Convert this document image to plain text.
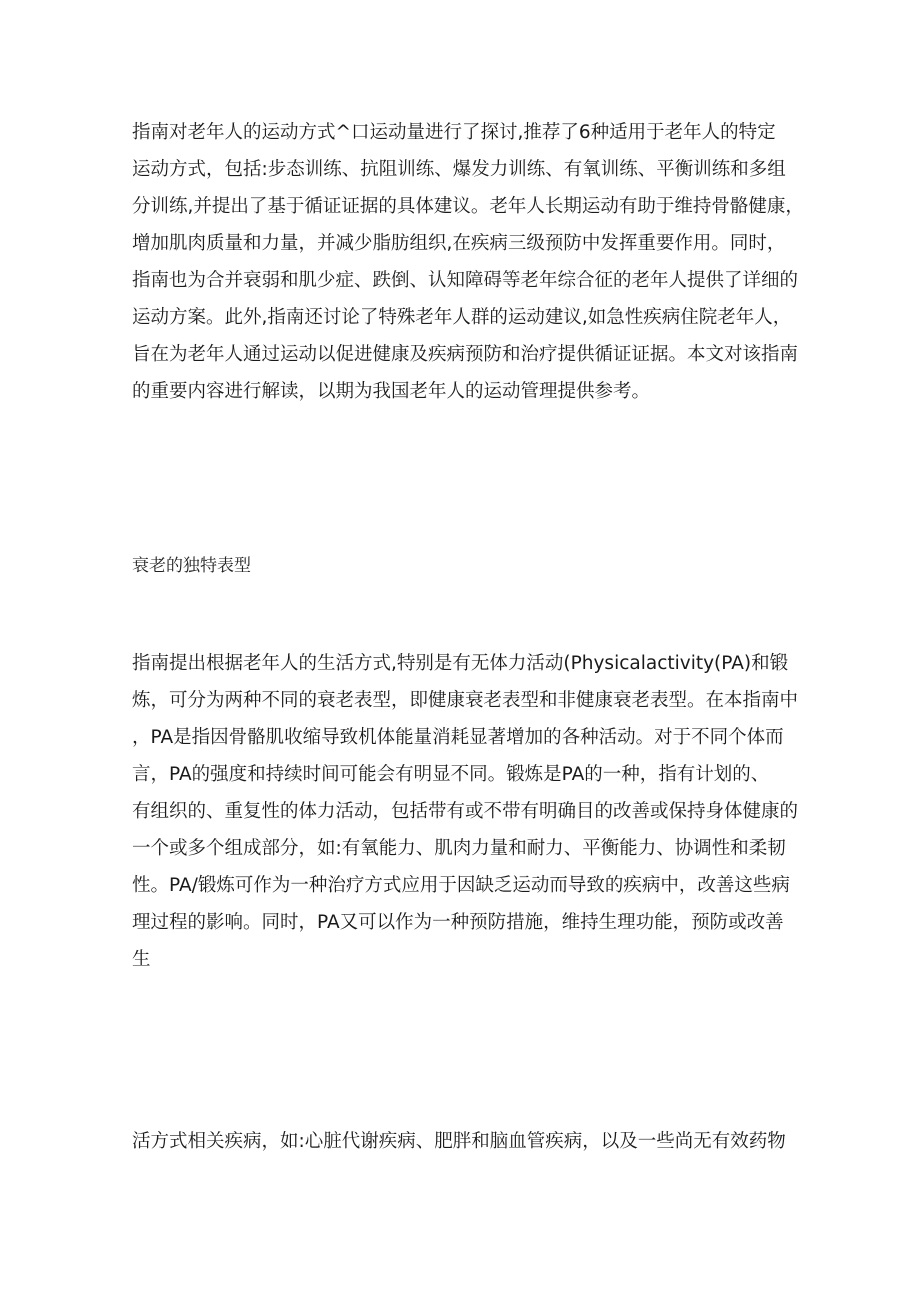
指南对老年人的运动方式^口运动量进行了探讨,推荐了6种适用于老年人的特定
运动方式，包括:步态训练、抗阻训练、爆发力训练、有氧训练、平衡训练和多组
分训练,并提出了基于循证证据的具体建议。老年人长期运动有助于维持骨骼健康，
增加肌肉质量和力量，并减少脂肪组织,在疾病三级预防中发挥重要作用。同时，
指南也为合并衰弱和肌少症、跌倒、认知障碍等老年综合征的老年人提供了详细的
运动方案。此外,指南还讨论了特殊老年人群的运动建议,如急性疾病住院老年人，
旨在为老年人通过运动以促进健康及疾病预防和治疗提供循证证据。本文对该指南
的重要内容进行解读，以期为我国老年人的运动管理提供参考。
衰老的独特表型
指南提出根据老年人的生活方式,特别是有无体力活动(Physicalactivity(PA)和锻
炼，可分为两种不同的衰老表型，即健康衰老表型和非健康衰老表型。在本指南中
，PA是指因骨骼肌收缩导致机体能量消耗显著增加的各种活动。对于不同个体而
言，PA的强度和持续时间可能会有明显不同。锻炼是PA的一种，指有计划的、
有组织的、重复性的体力活动，包括带有或不带有明确目的改善或保持身体健康的
一个或多个组成部分，如:有氧能力、肌肉力量和耐力、平衡能力、协调性和柔韧
性。PA/锻炼可作为一种治疗方式应用于因缺乏运动而导致的疾病中，改善这些病
理过程的影响。同时，PA又可以作为一种预防措施，维持生理功能，预防或改善
生
活方式相关疾病，如:心脏代谢疾病、肥胖和脑血管疾病，以及一些尚无有效药物
